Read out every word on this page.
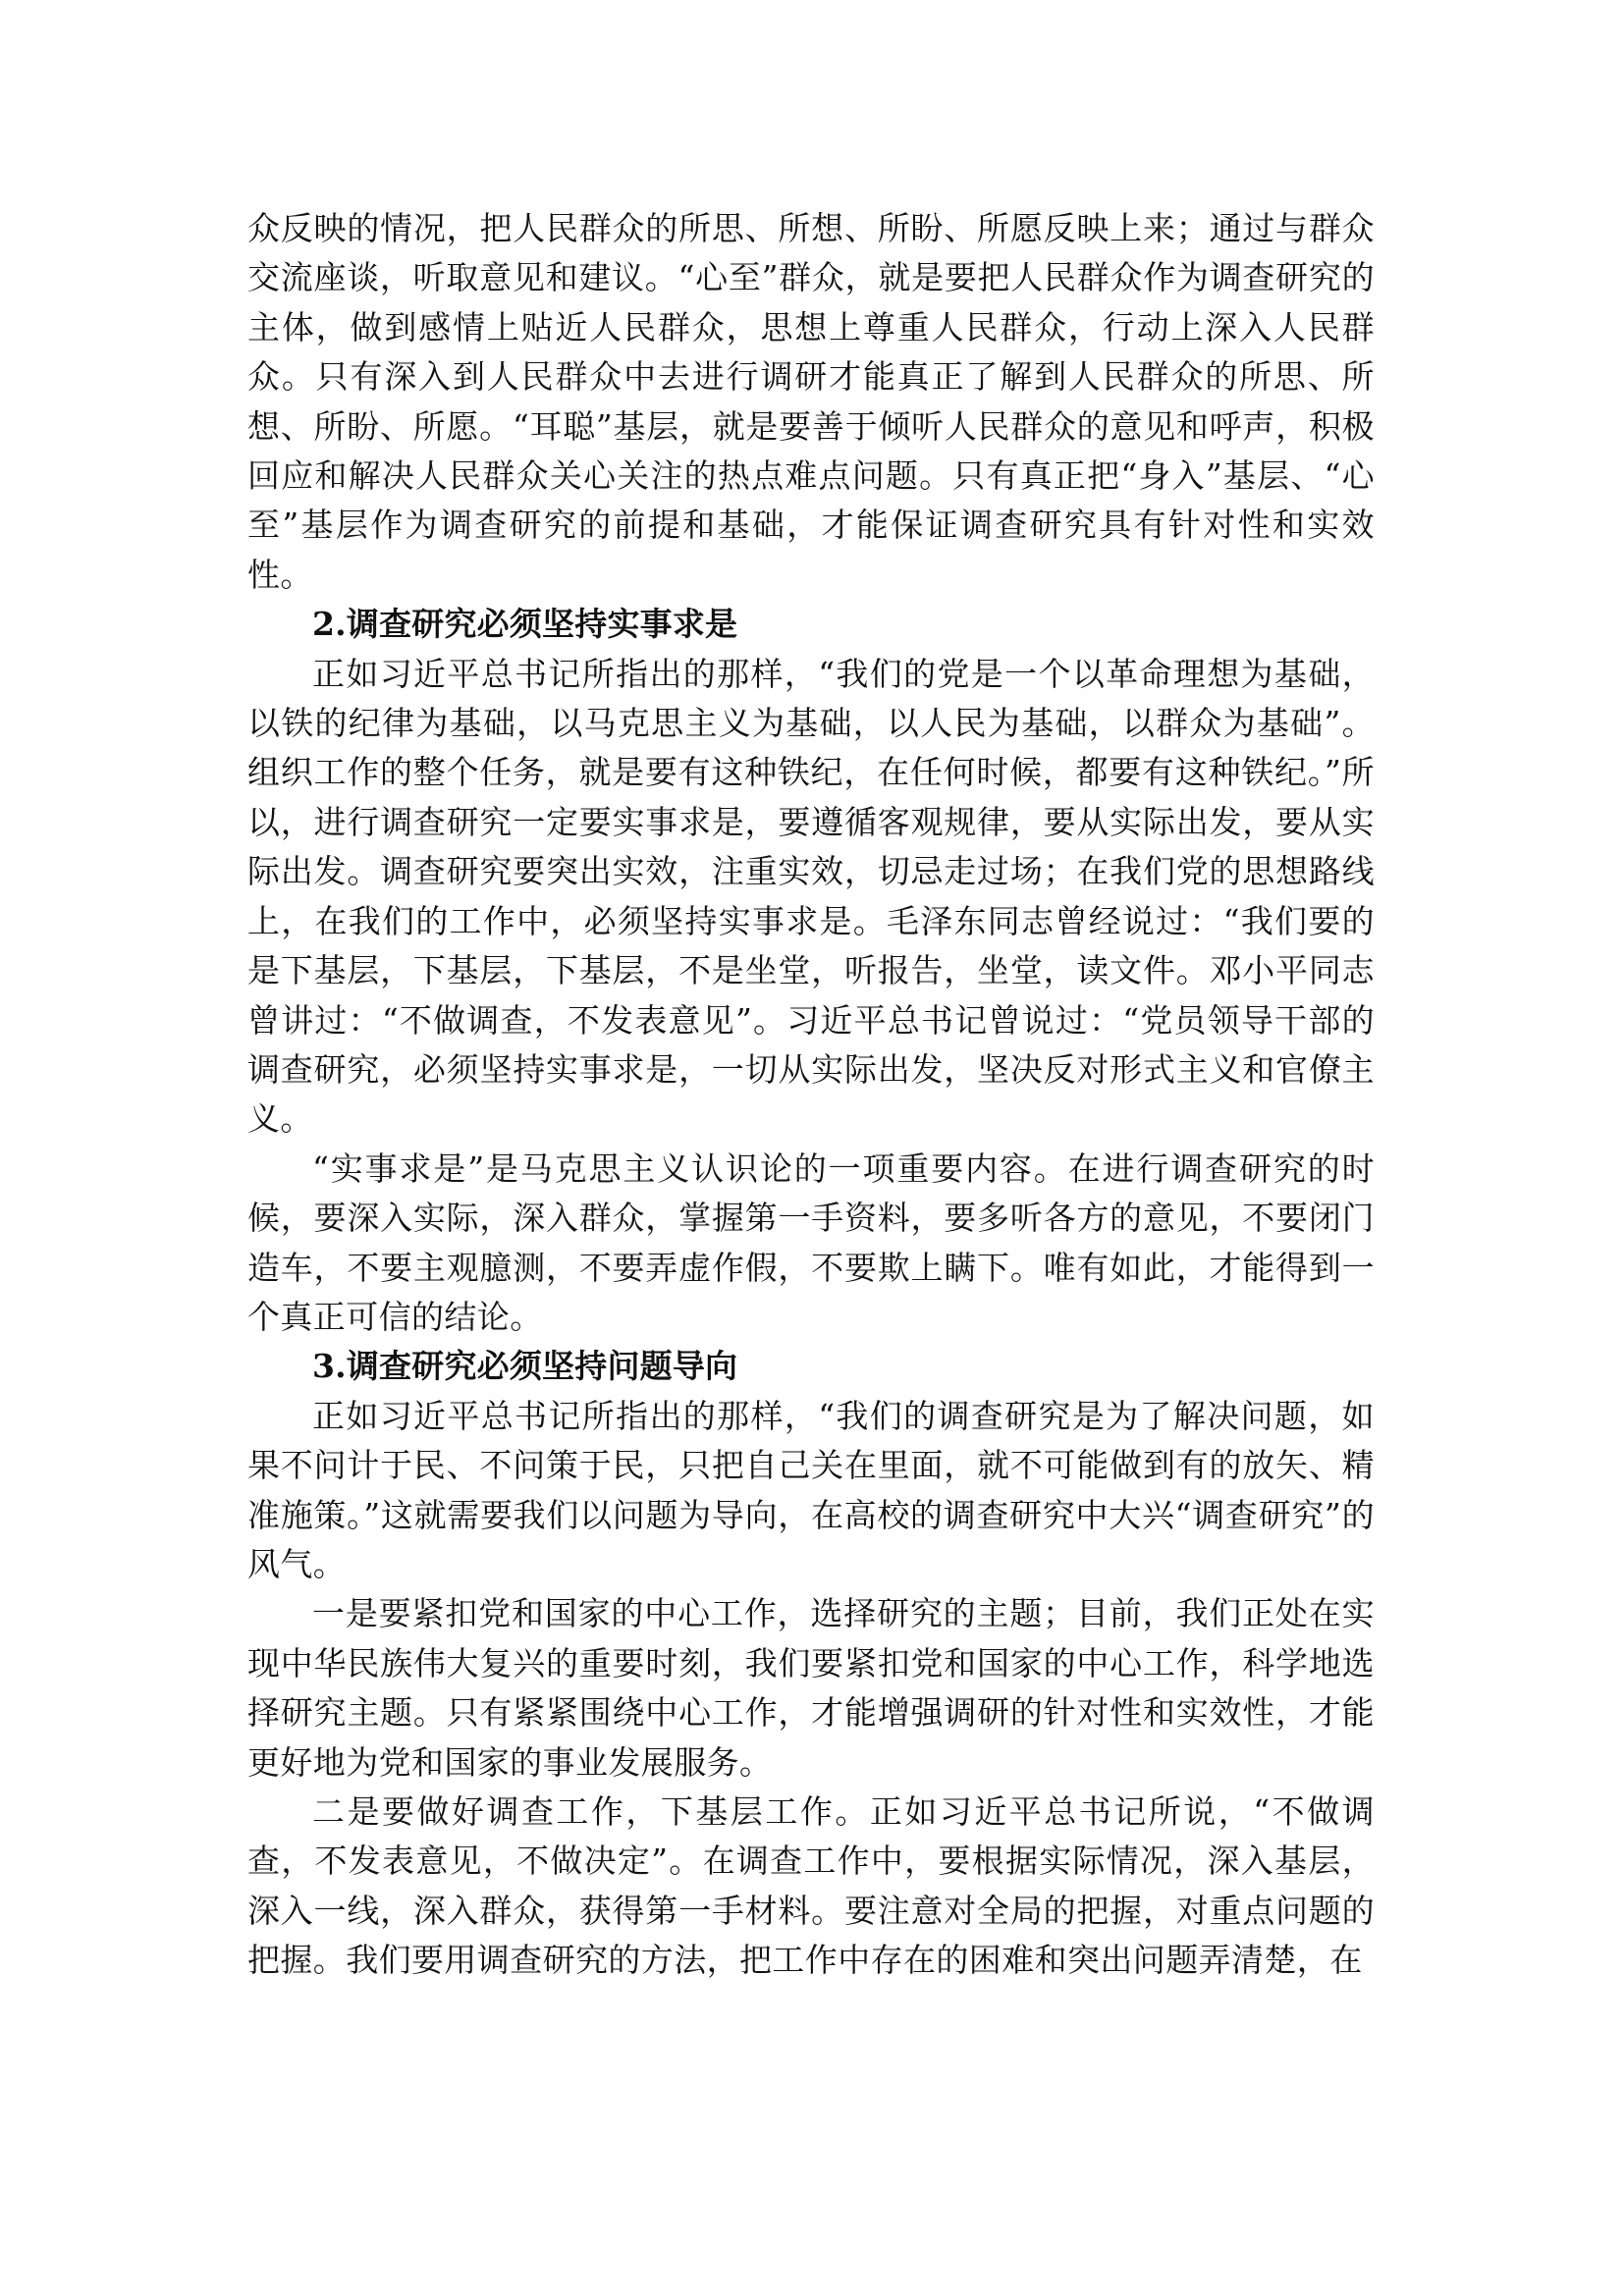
众反映的情况，把人民群众的所思、所想、所盼、所愿反映上来；通过与群众交流座谈，听取意见和建议。“心至”群众，就是要把人民群众作为调查研究的主体，做到感情上贴近人民群众，思想上尊重人民群众，行动上深入人民群众。只有深入到人民群众中去进行调研才能真正了解到人民群众的所思、所想、所盼、所愿。“耳聪”基层，就是要善于倾听人民群众的意见和呼声，积极回应和解决人民群众关心关注的热点难点问题。只有真正把“身入”基层、“心至”基层作为调查研究的前提和基础，才能保证调查研究具有针对性和实效性。

2.调查研究必须坚持实事求是

正如习近平总书记所指出的那样，“我们的党是一个以革命理想为基础，以铁的纪律为基础，以马克思主义为基础，以人民为基础，以群众为基础”。组织工作的整个任务，就是要有这种铁纪，在任何时候，都要有这种铁纪。”所以，进行调查研究一定要实事求是，要遵循客观规律，要从实际出发，要从实际出发。调查研究要突出实效，注重实效，切忌走过场；在我们党的思想路线上，在我们的工作中，必须坚持实事求是。毛泽东同志曾经说过：“我们要的是下基层，下基层，下基层，不是坐堂，听报告，坐堂，读文件。邓小平同志曾讲过：“不做调查，不发表意见”。习近平总书记曾说过：“党员领导干部的调查研究，必须坚持实事求是，一切从实际出发，坚决反对形式主义和官僚主义。

“实事求是”是马克思主义认识论的一项重要内容。在进行调查研究的时候，要深入实际，深入群众，掌握第一手资料，要多听各方的意见，不要闭门造车，不要主观臆测，不要弄虚作假，不要欺上瞒下。唯有如此，才能得到一个真正可信的结论。

3.调查研究必须坚持问题导向

正如习近平总书记所指出的那样，“我们的调查研究是为了解决问题，如果不问计于民、不问策于民，只把自己关在里面，就不可能做到有的放矢、精准施策。”这就需要我们以问题为导向，在高校的调查研究中大兴“调查研究”的风气。

一是要紧扣党和国家的中心工作，选择研究的主题；目前，我们正处在实现中华民族伟大复兴的重要时刻，我们要紧扣党和国家的中心工作，科学地选择研究主题。只有紧紧围绕中心工作，才能增强调研的针对性和实效性，才能更好地为党和国家的事业发展服务。

二是要做好调查工作，下基层工作。正如习近平总书记所说，“不做调查，不发表意见，不做决定”。在调查工作中，要根据实际情况，深入基层，深入一线，深入群众，获得第一手材料。要注意对全局的把握，对重点问题的把握。我们要用调查研究的方法，把工作中存在的困难和突出问题弄清楚，在
